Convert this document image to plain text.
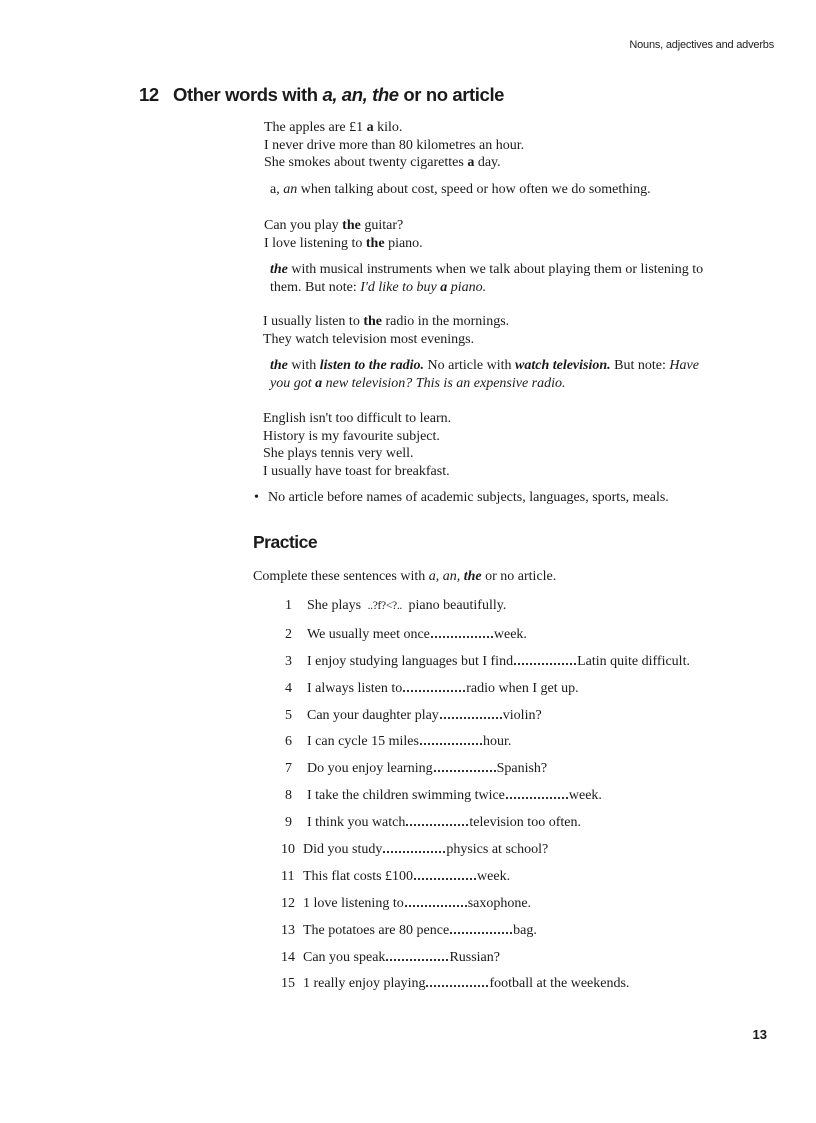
Nouns, adjectives and adverbs
12 Other words with a, an, the or no article
The apples are £1 a kilo.
I never drive more than 80 kilometres an hour.
She smokes about twenty cigarettes a day.
a, an when talking about cost, speed or how often we do something.
Can you play the guitar?
I love listening to the piano.
the with musical instruments when we talk about playing them or listening to
them. But note: I'd like to buy a piano.
I usually listen to the radio in the mornings.
They watch television most evenings.
the with listen to the radio. No article with watch television. But note: Have
you got a new television? This is an expensive radio.
English isn't too difficult to learn.
History is my favourite subject.
She plays tennis very well.
I usually have toast for breakfast.
• No article before names of academic subjects, languages, sports, meals.
Practice
Complete these sentences with a, an, the or no article.
1 She plays ..?f?<?.. piano beautifully.
2 We usually meet once	week.
3 I enjoy studying languages but I find	Latin quite difficult.
4 I always listen to	radio when I get up.
5 Can your daughter play	violin?
6 I can cycle 15 miles	hour.
7 Do you enjoy learning	Spanish?
8 I take the children swimming twice	week.
9 I think you watch	television too often.
10 Did you study	physics at school?
11 This flat costs £100	week.
12 1 love listening to	saxophone.
13 The potatoes are 80 pence	bag.
14 Can you speak	Russian?
15 1 really enjoy playing	football at the weekends.
13
